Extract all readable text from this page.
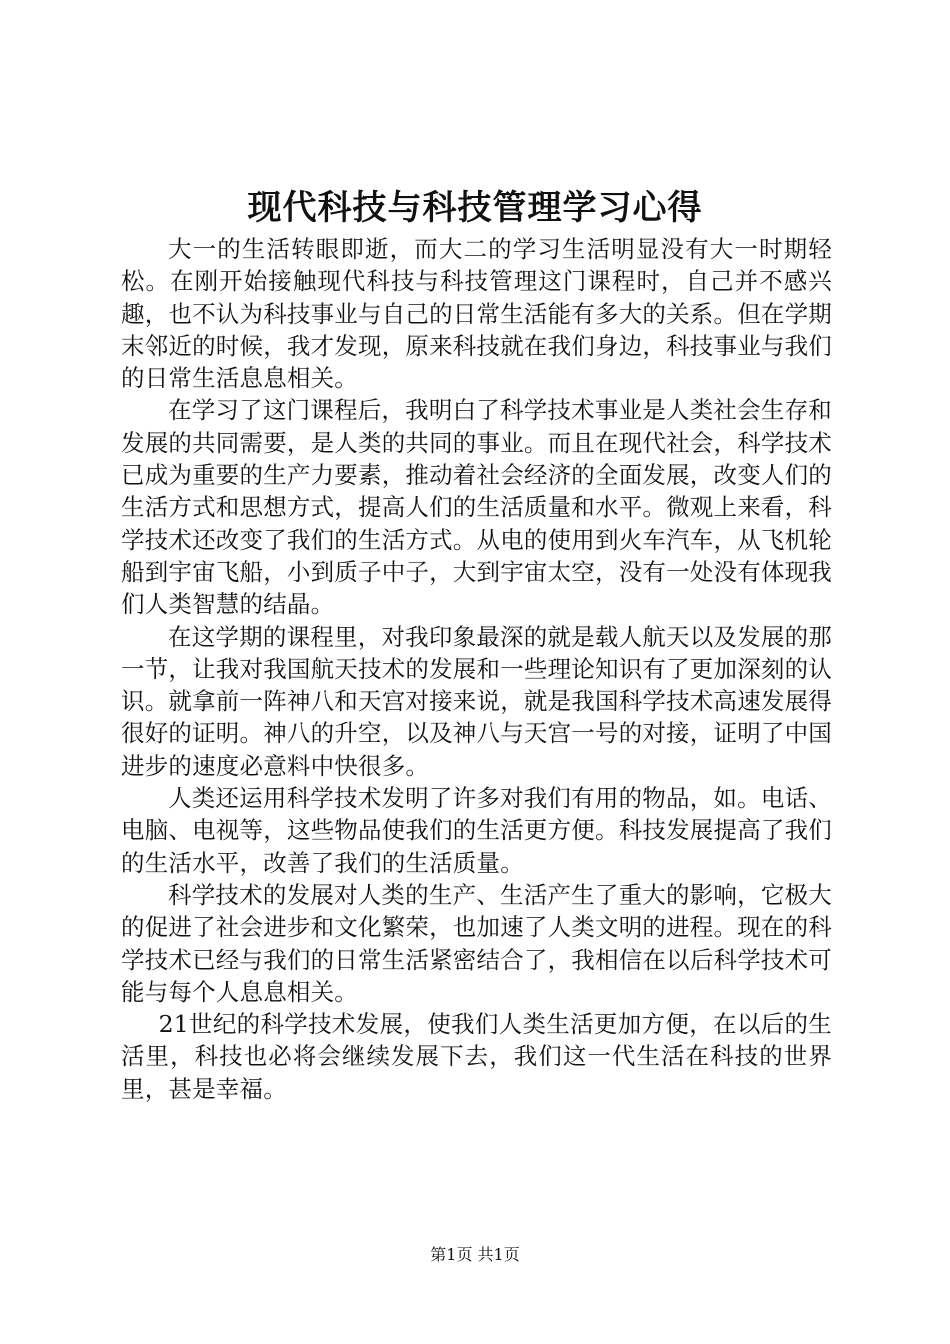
现代科技与科技管理学习心得

大一的生活转眼即逝，而大二的学习生活明显没有大一时期轻松。在刚开始接触现代科技与科技管理这门课程时，自己并不感兴趣，也不认为科技事业与自己的日常生活能有多大的关系。但在学期末邻近的时候，我才发现，原来科技就在我们身边，科技事业与我们的日常生活息息相关。

在学习了这门课程后，我明白了科学技术事业是人类社会生存和发展的共同需要，是人类的共同的事业。而且在现代社会，科学技术已成为重要的生产力要素，推动着社会经济的全面发展，改变人们的生活方式和思想方式，提高人们的生活质量和水平。微观上来看，科学技术还改变了我们的生活方式。从电的使用到火车汽车，从飞机轮船到宇宙飞船，小到质子中子，大到宇宙太空，没有一处没有体现我们人类智慧的结晶。

在这学期的课程里，对我印象最深的就是载人航天以及发展的那一节，让我对我国航天技术的发展和一些理论知识有了更加深刻的认识。就拿前一阵神八和天宫对接来说，就是我国科学技术高速发展得很好的证明。神八的升空，以及神八与天宫一号的对接，证明了中国进步的速度必意料中快很多。

人类还运用科学技术发明了许多对我们有用的物品，如。电话、电脑、电视等，这些物品使我们的生活更方便。科技发展提高了我们的生活水平，改善了我们的生活质量。

科学技术的发展对人类的生产、生活产生了重大的影响，它极大的促进了社会进步和文化繁荣，也加速了人类文明的进程。现在的科学技术已经与我们的日常生活紧密结合了，我相信在以后科学技术可能与每个人息息相关。

21世纪的科学技术发展，使我们人类生活更加方便，在以后的生活里，科技也必将会继续发展下去，我们这一代生活在科技的世界里，甚是幸福。

第1页 共1页
